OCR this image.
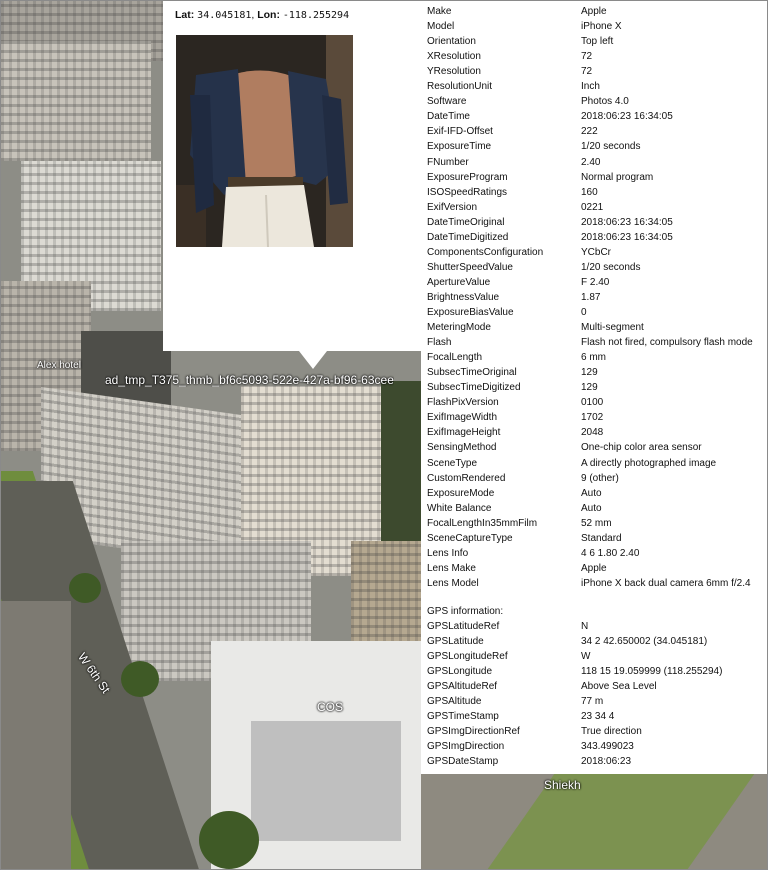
W 6th St
COS
Shiekh
Alex hotel
Lat: 34.045181, Lon: -118.255294
ad_tmp_T375_thmb_bf6c5093-522e-427a-bf96-63cee
Make	Apple
Model	iPhone X
Orientation	Top left
XResolution	72
YResolution	72
ResolutionUnit	Inch
Software	Photos 4.0
DateTime	2018:06:23 16:34:05
Exif-IFD-Offset	222
ExposureTime	1/20 seconds
FNumber	2.40
ExposureProgram	Normal program
ISOSpeedRatings	160
ExifVersion	0221
DateTimeOriginal	2018:06:23 16:34:05
DateTimeDigitized	2018:06:23 16:34:05
ComponentsConfiguration	YCbCr
ShutterSpeedValue	1/20 seconds
ApertureValue	F 2.40
BrightnessValue	1.87
ExposureBiasValue	0
MeteringMode	Multi-segment
Flash	Flash not fired, compulsory flash mode
FocalLength	6 mm
SubsecTimeOriginal	129
SubsecTimeDigitized	129
FlashPixVersion	0100
ExifImageWidth	1702
ExifImageHeight	2048
SensingMethod	One-chip color area sensor
SceneType	A directly photographed image
CustomRendered	9 (other)
ExposureMode	Auto
White Balance	Auto
FocalLengthIn35mmFilm	52 mm
SceneCaptureType	Standard
Lens Info	4 6 1.80 2.40
Lens Make	Apple
Lens Model	iPhone X back dual camera 6mm f/2.4
GPS information:
GPSLatitudeRef	N
GPSLatitude	34 2 42.650002 (34.045181)
GPSLongitudeRef	W
GPSLongitude	118 15 19.059999 (118.255294)
GPSAltitudeRef	Above Sea Level
GPSAltitude	77 m
GPSTimeStamp	23 34 4
GPSImgDirectionRef	True direction
GPSImgDirection	343.499023
GPSDateStamp	2018:06:23
